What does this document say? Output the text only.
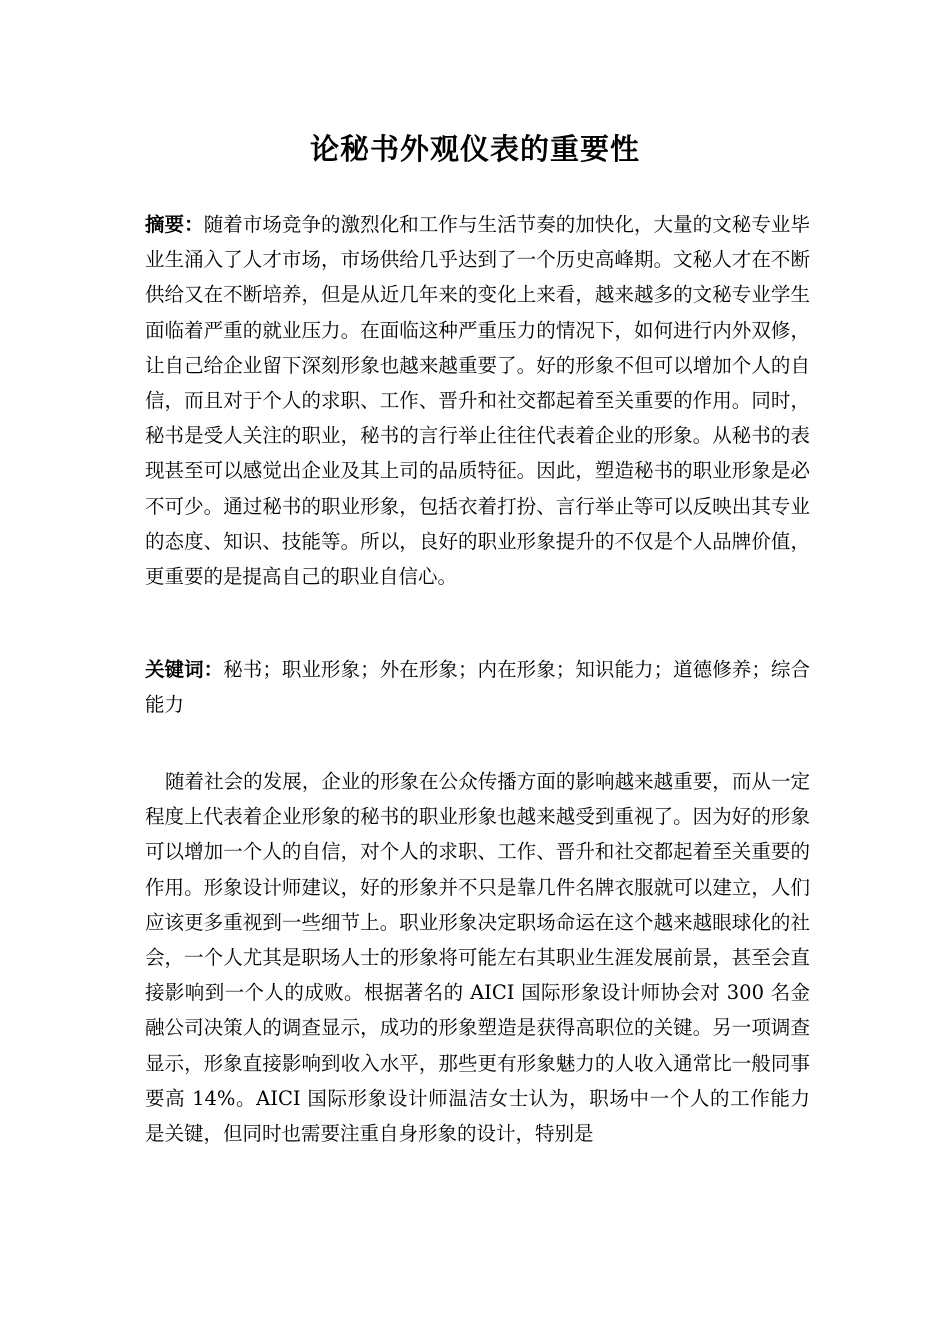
论秘书外观仪表的重要性
摘要：随着市场竞争的激烈化和工作与生活节奏的加快化，大量的文秘专业毕业生涌入了人才市场，市场供给几乎达到了一个历史高峰期。文秘人才在不断供给又在不断培养，但是从近几年来的变化上来看，越来越多的文秘专业学生面临着严重的就业压力。在面临这种严重压力的情况下，如何进行内外双修，让自己给企业留下深刻形象也越来越重要了。好的形象不但可以增加个人的自信，而且对于个人的求职、工作、晋升和社交都起着至关重要的作用。同时，秘书是受人关注的职业，秘书的言行举止往往代表着企业的形象。从秘书的表现甚至可以感觉出企业及其上司的品质特征。因此，塑造秘书的职业形象是必不可少。通过秘书的职业形象，包括衣着打扮、言行举止等可以反映出其专业的态度、知识、技能等。所以，良好的职业形象提升的不仅是个人品牌价值，更重要的是提高自己的职业自信心。
关键词：秘书；职业形象；外在形象；内在形象；知识能力；道德修养；综合能力
随着社会的发展，企业的形象在公众传播方面的影响越来越重要，而从一定程度上代表着企业形象的秘书的职业形象也越来越受到重视了。因为好的形象可以增加一个人的自信，对个人的求职、工作、晋升和社交都起着至关重要的作用。形象设计师建议，好的形象并不只是靠几件名牌衣服就可以建立，人们应该更多重视到一些细节上。职业形象决定职场命运在这个越来越眼球化的社会，一个人尤其是职场人士的形象将可能左右其职业生涯发展前景，甚至会直接影响到一个人的成败。根据著名的 AICI 国际形象设计师协会对 300 名金融公司决策人的调查显示，成功的形象塑造是获得高职位的关键。另一项调查显示，形象直接影响到收入水平，那些更有形象魅力的人收入通常比一般同事要高 14%。AICI 国际形象设计师温洁女士认为，职场中一个人的工作能力是关键，但同时也需要注重自身形象的设计，特别是
